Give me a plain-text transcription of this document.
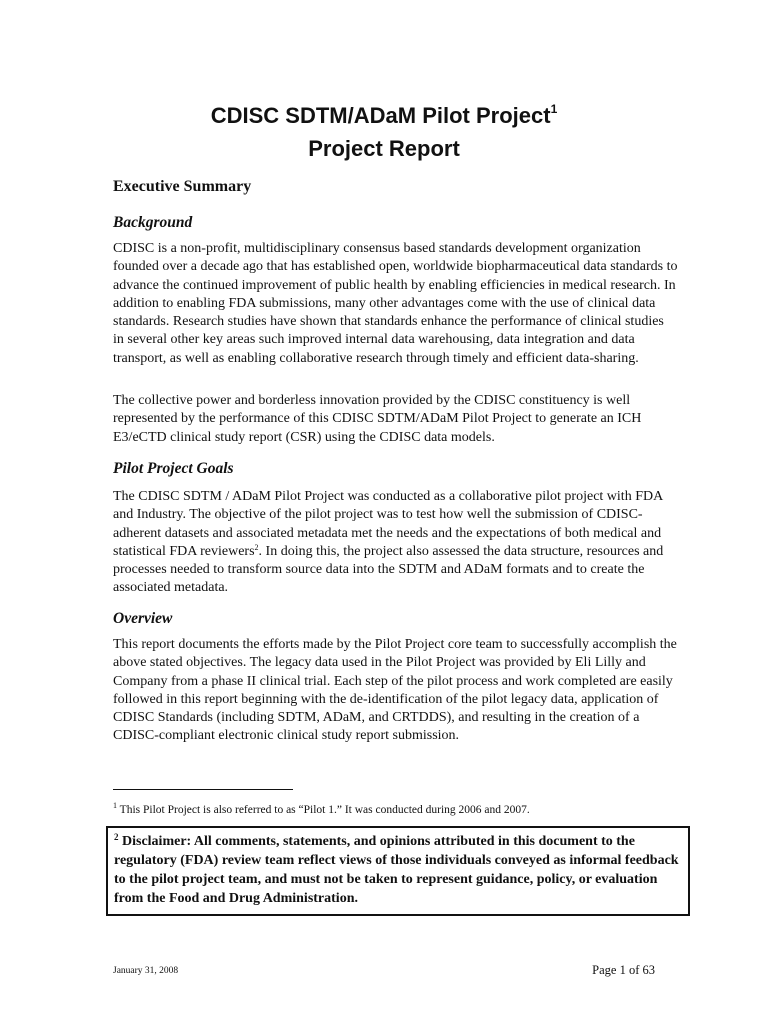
CDISC SDTM/ADaM Pilot Project$^1$
Project Report
Executive Summary
Background

CDISC is a non-profit, multidisciplinary consensus based standards development organization founded over a decade ago that has established open, worldwide biopharmaceutical data standards to advance the continued improvement of public health by enabling efficiencies in medical research. In addition to enabling FDA submissions, many other advantages come with the use of clinical data standards. Research studies have shown that standards enhance the performance of clinical studies in several other key areas such improved internal data warehousing, data integration and data transport, as well as enabling collaborative research through timely and efficient data-sharing.

The collective power and borderless innovation provided by the CDISC constituency is well represented by the performance of this CDISC SDTM/ADaM Pilot Project to generate an ICH E3/eCTD clinical study report (CSR) using the CDISC data models.

Pilot Project Goals

The CDISC SDTM / ADaM Pilot Project was conducted as a collaborative pilot project with FDA and Industry. The objective of the pilot project was to test how well the submission of CDISC-adherent datasets and associated metadata met the needs and the expectations of both medical and statistical FDA reviewers$^2$. In doing this, the project also assessed the data structure, resources and processes needed to transform source data into the SDTM and ADaM formats and to create the associated metadata.

Overview

This report documents the efforts made by the Pilot Project core team to successfully accomplish the above stated objectives. The legacy data used in the Pilot Project was provided by Eli Lilly and Company from a phase II clinical trial. Each step of the pilot process and work completed are easily followed in this report beginning with the de-identification of the pilot legacy data, application of CDISC Standards (including SDTM, ADaM, and CRTDDS), and resulting in the creation of a CDISC-compliant electronic clinical study report submission.

$^1$ This Pilot Project is also referred to as “Pilot 1.” It was conducted during 2006 and 2007.
$^2$ Disclaimer: All comments, statements, and opinions attributed in this document to the regulatory (FDA) review team reflect views of those individuals conveyed as informal feedback to the pilot project team, and must not be taken to represent guidance, policy, or evaluation from the Food and Drug Administration.
January 31, 2008	Page 1 of 63
